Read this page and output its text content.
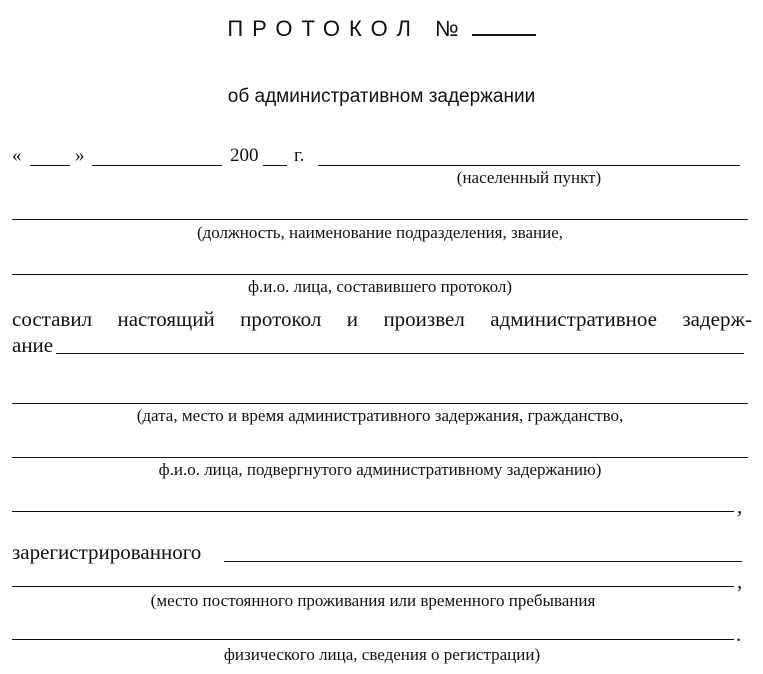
ПРОТОКОЛ №
об административном задержании
«	»	200 г.
(населенный пункт)
(должность, наименование подразделения, звание,
ф.и.о. лица, составившего протокол)
составил настоящий протокол и произвел административное задерж-
ание
(дата, место и время административного задержания, гражданство,
ф.и.о. лица, подвергнутого административному задержанию)
,
зарегистрированного
,
(место постоянного проживания или временного пребывания
.
физического лица, сведения о регистрации)
